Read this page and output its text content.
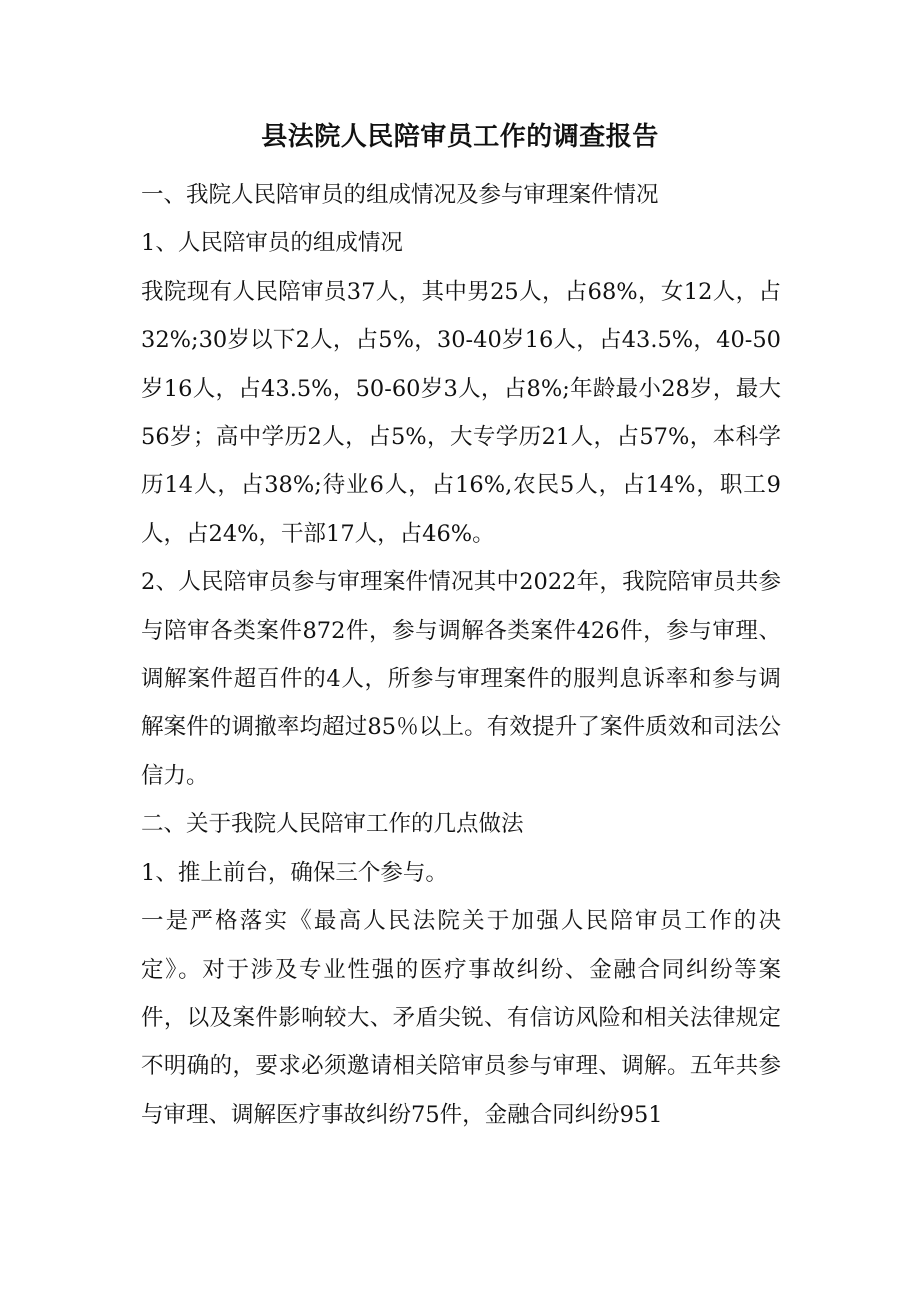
县法院人民陪审员工作的调查报告

一、我院人民陪审员的组成情况及参与审理案件情况

1、人民陪审员的组成情况

我院现有人民陪审员37人，其中男25人，占68%，女12人，占32%;30岁以下2人，占5%，30-40岁16人，占43.5%，40-50岁16人，占43.5%，50-60岁3人，占8%;年龄最小28岁，最大56岁；高中学历2人，占5%，大专学历21人，占57%，本科学历14人，占38%;待业6人，占16%,农民5人，占14%，职工9人，占24%，干部17人，占46%。

2、人民陪审员参与审理案件情况其中2022年，我院陪审员共参与陪审各类案件872件，参与调解各类案件426件，参与审理、调解案件超百件的4人，所参与审理案件的服判息诉率和参与调解案件的调撤率均超过85％以上。有效提升了案件质效和司法公信力。

二、关于我院人民陪审工作的几点做法

1、推上前台，确保三个参与。

一是严格落实《最高人民法院关于加强人民陪审员工作的决定》。对于涉及专业性强的医疗事故纠纷、金融合同纠纷等案件，以及案件影响较大、矛盾尖锐、有信访风险和相关法律规定不明确的，要求必须邀请相关陪审员参与审理、调解。五年共参与审理、调解医疗事故纠纷75件，金融合同纠纷951
